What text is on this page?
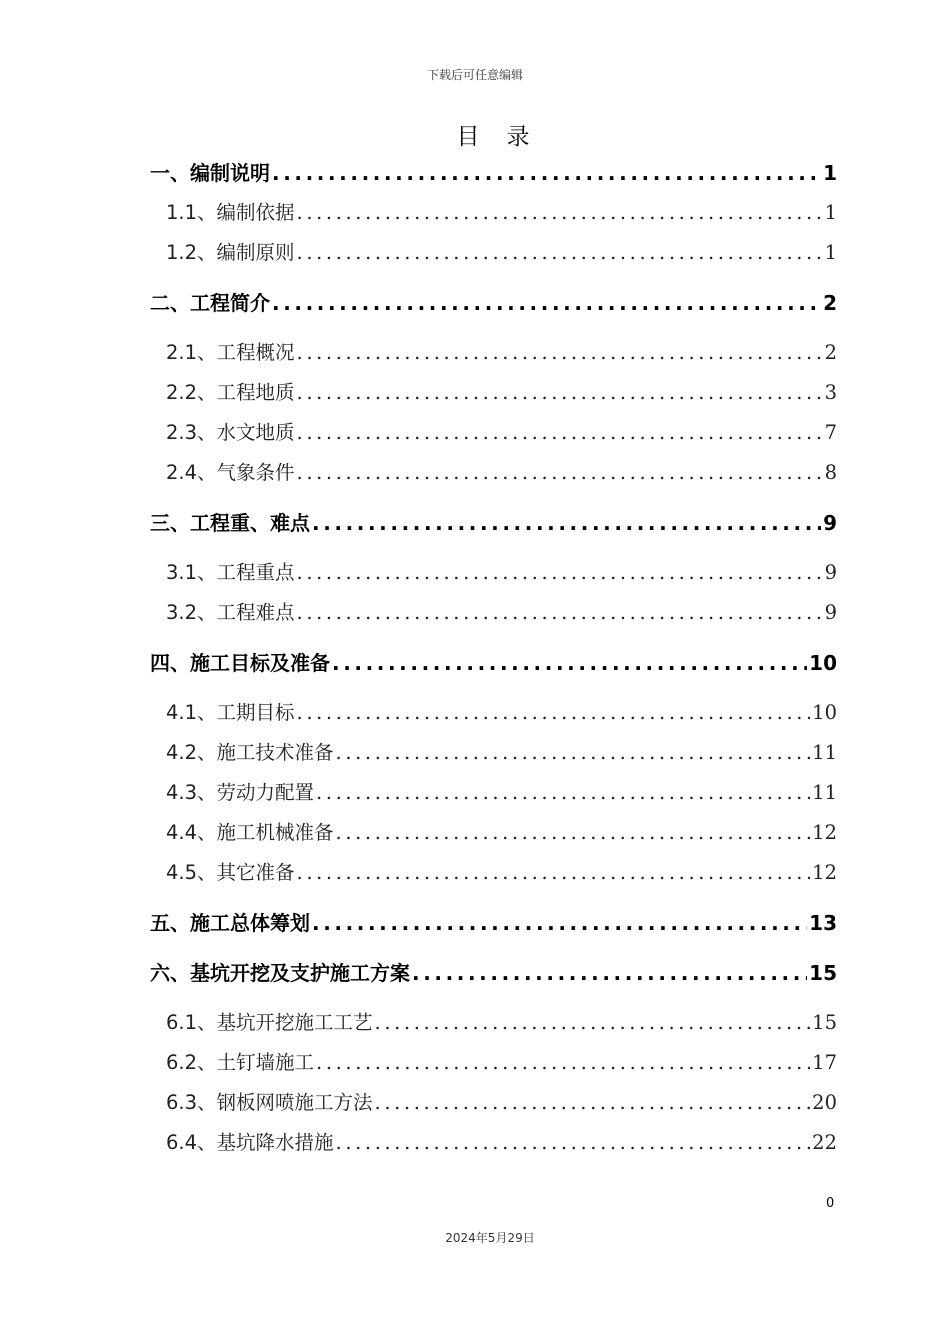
下载后可任意编辑
目　录
一、编制说明 .....	1
1.1、编制依据 .....	1
1.2、编制原则 .....	1
二、工程简介 .....	2
2.1、工程概况 .....	2
2.2、工程地质 .....	3
2.3、水文地质 .....	7
2.4、气象条件 .....	8
三、工程重、难点 .....	9
3.1、工程重点 .....	9
3.2、工程难点 .....	9
四、施工目标及准备 .....	10
4.1、工期目标 .....	10
4.2、施工技术准备 .....	11
4.3、劳动力配置 .....	11
4.4、施工机械准备 .....	12
4.5、其它准备 .....	12
五、施工总体筹划 .....	13
六、基坑开挖及支护施工方案 .....	15
6.1、基坑开挖施工工艺 .....	15
6.2、土钉墙施工 .....	17
6.3、钢板网喷施工方法 .....	20
6.4、基坑降水措施 .....	22
0
2024年5月29日
